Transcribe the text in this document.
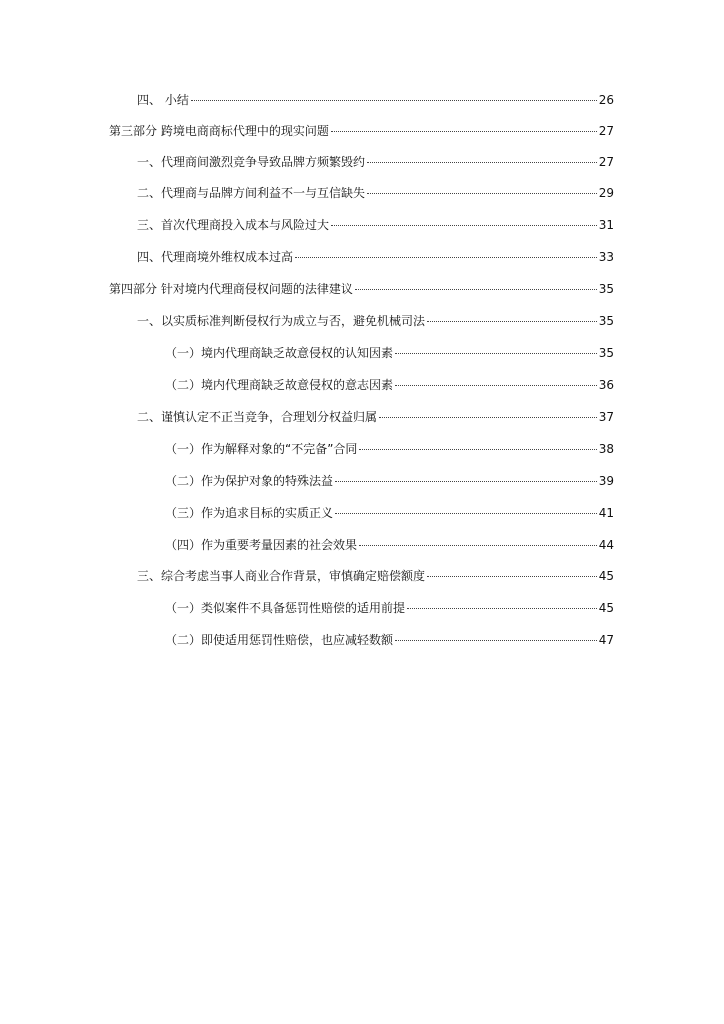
四、 小结	26
第三部分 跨境电商商标代理中的现实问题	27
一、代理商间激烈竞争导致品牌方频繁毁约	27
二、代理商与品牌方间利益不一与互信缺失	29
三、首次代理商投入成本与风险过大	31
四、代理商境外维权成本过高	33
第四部分 针对境内代理商侵权问题的法律建议	35
一、以实质标准判断侵权行为成立与否，避免机械司法	35
（一）境内代理商缺乏故意侵权的认知因素	35
（二）境内代理商缺乏故意侵权的意志因素	36
二、谨慎认定不正当竞争，合理划分权益归属	37
（一）作为解释对象的“不完备”合同	38
（二）作为保护对象的特殊法益	39
（三）作为追求目标的实质正义	41
（四）作为重要考量因素的社会效果	44
三、综合考虑当事人商业合作背景，审慎确定赔偿额度	45
（一）类似案件不具备惩罚性赔偿的适用前提	45
（二）即使适用惩罚性赔偿，也应减轻数额	47
